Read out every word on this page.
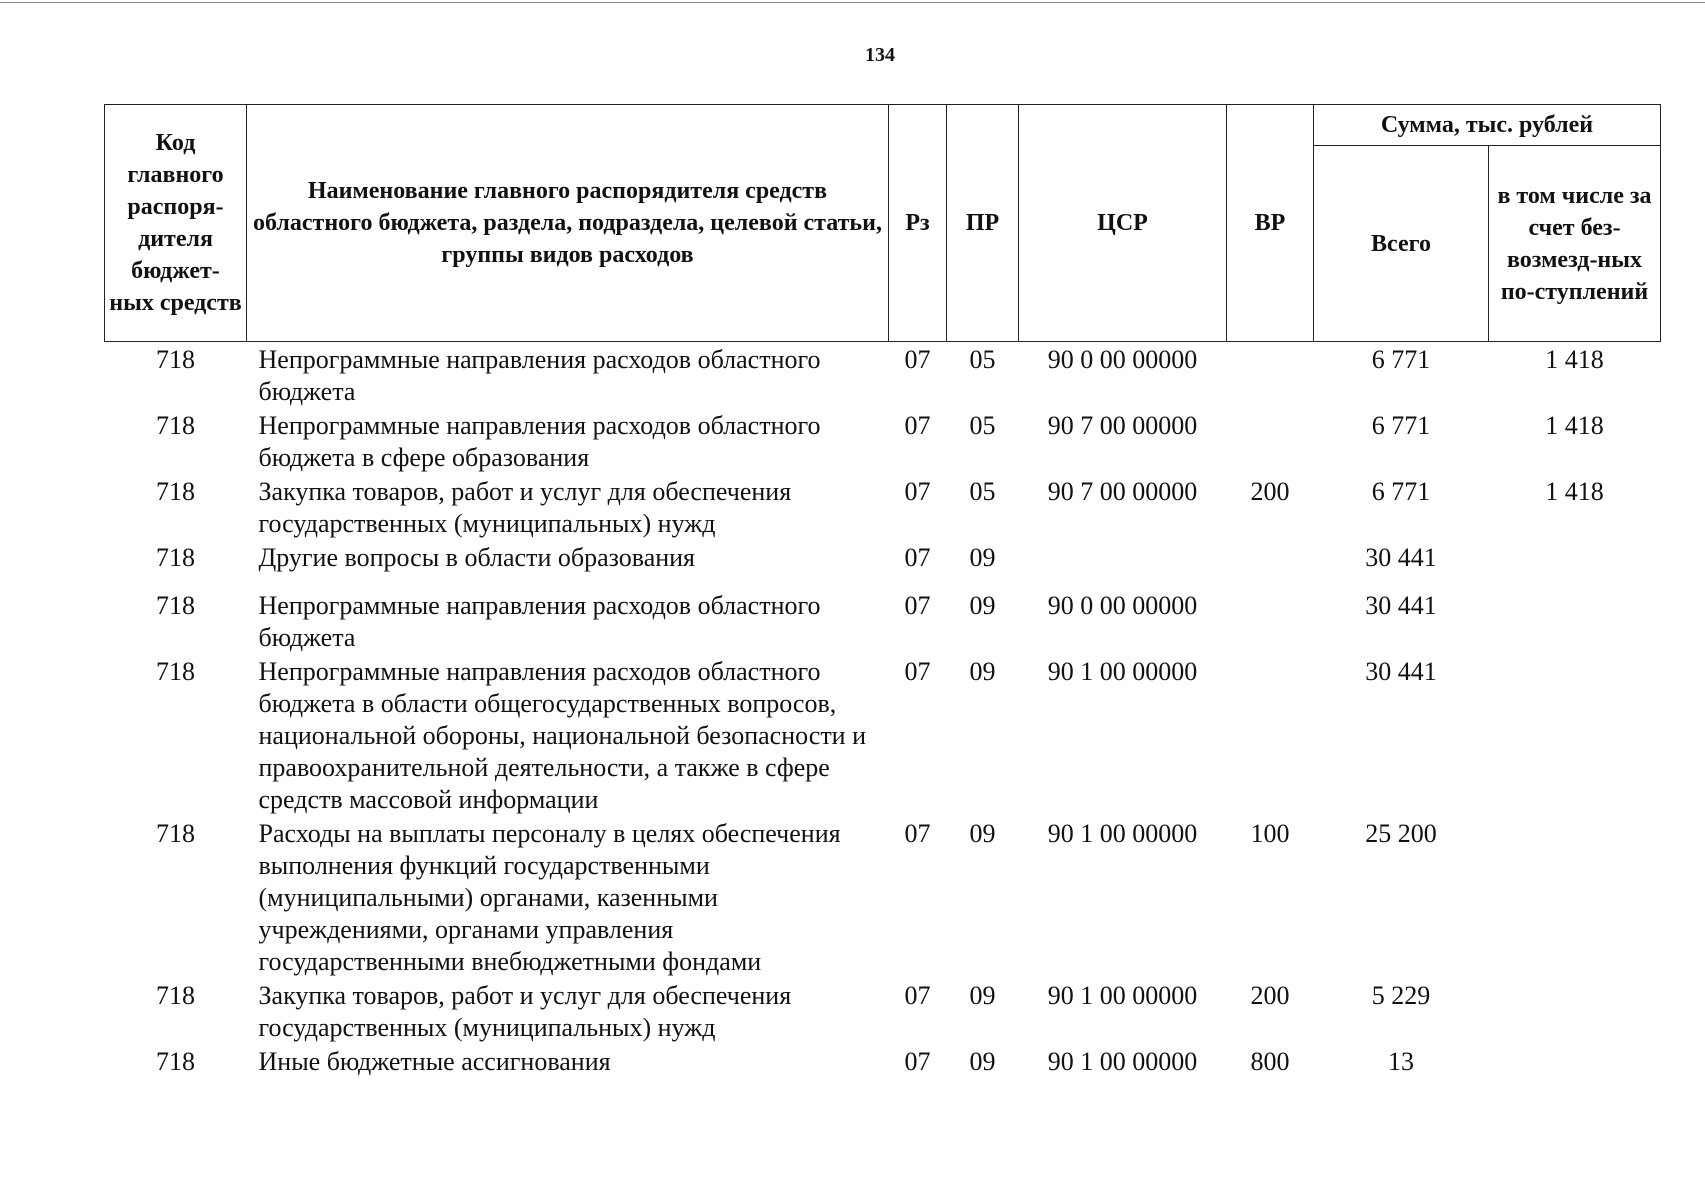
134
Код главного распоря-дителя бюджет-ных средств	Наименование главного распорядителя средств областного бюджета, раздела, подраздела, целевой статьи, группы видов расходов	Рз	ПР	ЦСР	ВР	Сумма, тыс. рублей	
						Всего	в том числе за счет без-возмезд-ных по-ступлений
718	Непрограммные направления расходов областного бюджета	07	05	90 0 00 00000		6 771	1 418
718	Непрограммные направления расходов областного бюджета в сфере образования	07	05	90 7 00 00000		6 771	1 418
718	Закупка товаров, работ и услуг для обеспечения государственных (муниципальных) нужд	07	05	90 7 00 00000	200	6 771	1 418
718	Другие вопросы в области образования	07	09			30 441	
718	Непрограммные направления расходов областного бюджета	07	09	90 0 00 00000		30 441	
718	Непрограммные направления расходов областного бюджета в области общегосударственных вопросов, национальной обороны, национальной безопасности и правоохранительной деятельности, а также в сфере средств массовой информации	07	09	90 1 00 00000		30 441	
718	Расходы на выплаты персоналу в целях обеспечения выполнения функций государственными (муниципальными) органами, казенными учреждениями, органами управления государственными внебюджетными фондами	07	09	90 1 00 00000	100	25 200	
718	Закупка товаров, работ и услуг для обеспечения государственных (муниципальных) нужд	07	09	90 1 00 00000	200	5 229	
718	Иные бюджетные ассигнования	07	09	90 1 00 00000	800	13	
